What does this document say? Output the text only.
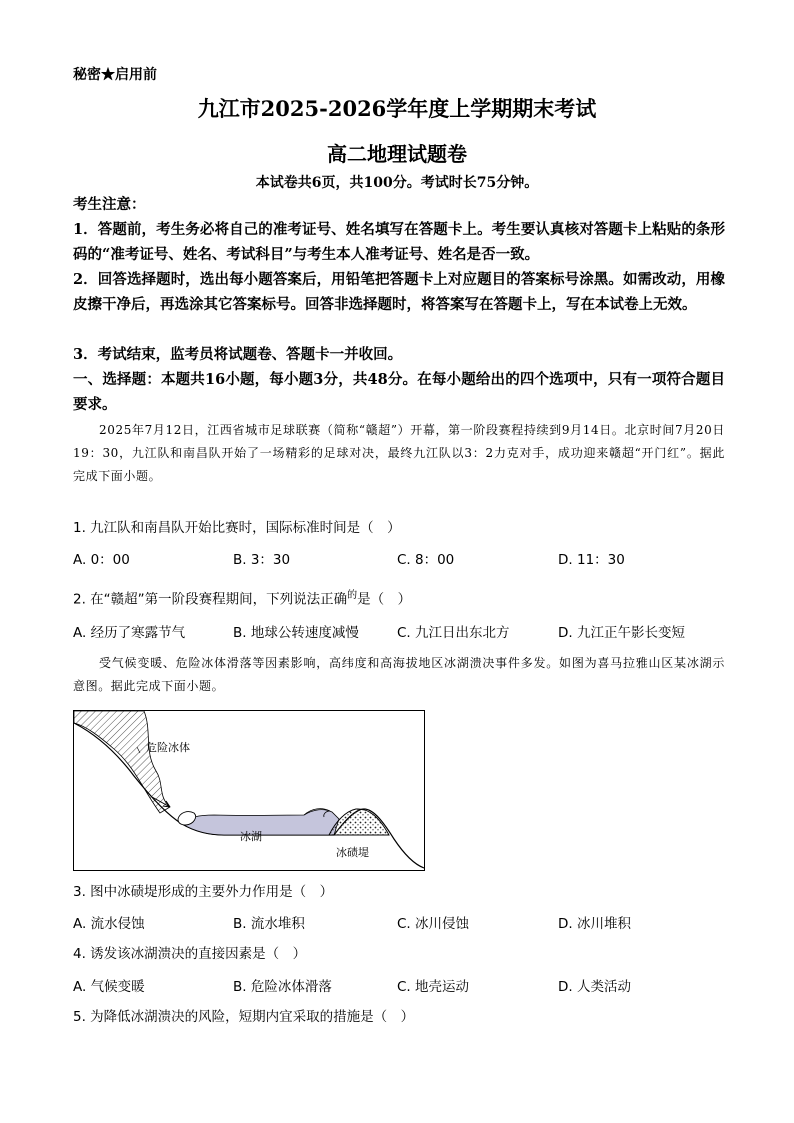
秘密★启用前
九江市2025-2026学年度上学期期末考试
高二地理试题卷
本试卷共6页，共100分。考试时长75分钟。
考生注意：
1．答题前，考生务必将自己的准考证号、姓名填写在答题卡上。考生要认真核对答题卡上粘贴的条形码的“准考证号、姓名、考试科目”与考生本人准考证号、姓名是否一致。
2．回答选择题时，选出每小题答案后，用铅笔把答题卡上对应题目的答案标号涂黑。如需改动，用橡皮擦干净后，再选涂其它答案标号。回答非选择题时，将答案写在答题卡上，写在本试卷上无效。
3．考试结束，监考员将试题卷、答题卡一并收回。
一、选择题：本题共16小题，每小题3分，共48分。在每小题给出的四个选项中，只有一项符合题目要求。
2025年7月12日，江西省城市足球联赛（简称“赣超”）开幕，第一阶段赛程持续到9月14日。北京时间7月20日19：30，九江队和南昌队开始了一场精彩的足球对决，最终九江队以3：2力克对手，成功迎来赣超“开门红”。据此完成下面小题。
1. 九江队和南昌队开始比赛时，国际标准时间是（　）
A. 0：00	B. 3：30	C. 8：00	D. 11：30
2. 在“赣超”第一阶段赛程期间，下列说法正确$^的$是（　）
A. 经历了寒露节气	B. 地球公转速度减慢	C. 九江日出东北方	D. 九江正午影长变短
受气候变暖、危险冰体滑落等因素影响，高纬度和高海拔地区冰湖溃决事件多发。如图为喜马拉雅山区某冰湖示意图。据此完成下面小题。
危险冰体
冰湖
冰碛堤
3. 图中冰碛堤形成的主要外力作用是（　）
A. 流水侵蚀	B. 流水堆积	C. 冰川侵蚀	D. 冰川堆积
4. 诱发该冰湖溃决的直接因素是（　）
A. 气候变暖	B. 危险冰体滑落	C. 地壳运动	D. 人类活动
5. 为降低冰湖溃决的风险，短期内宜采取的措施是（　）
